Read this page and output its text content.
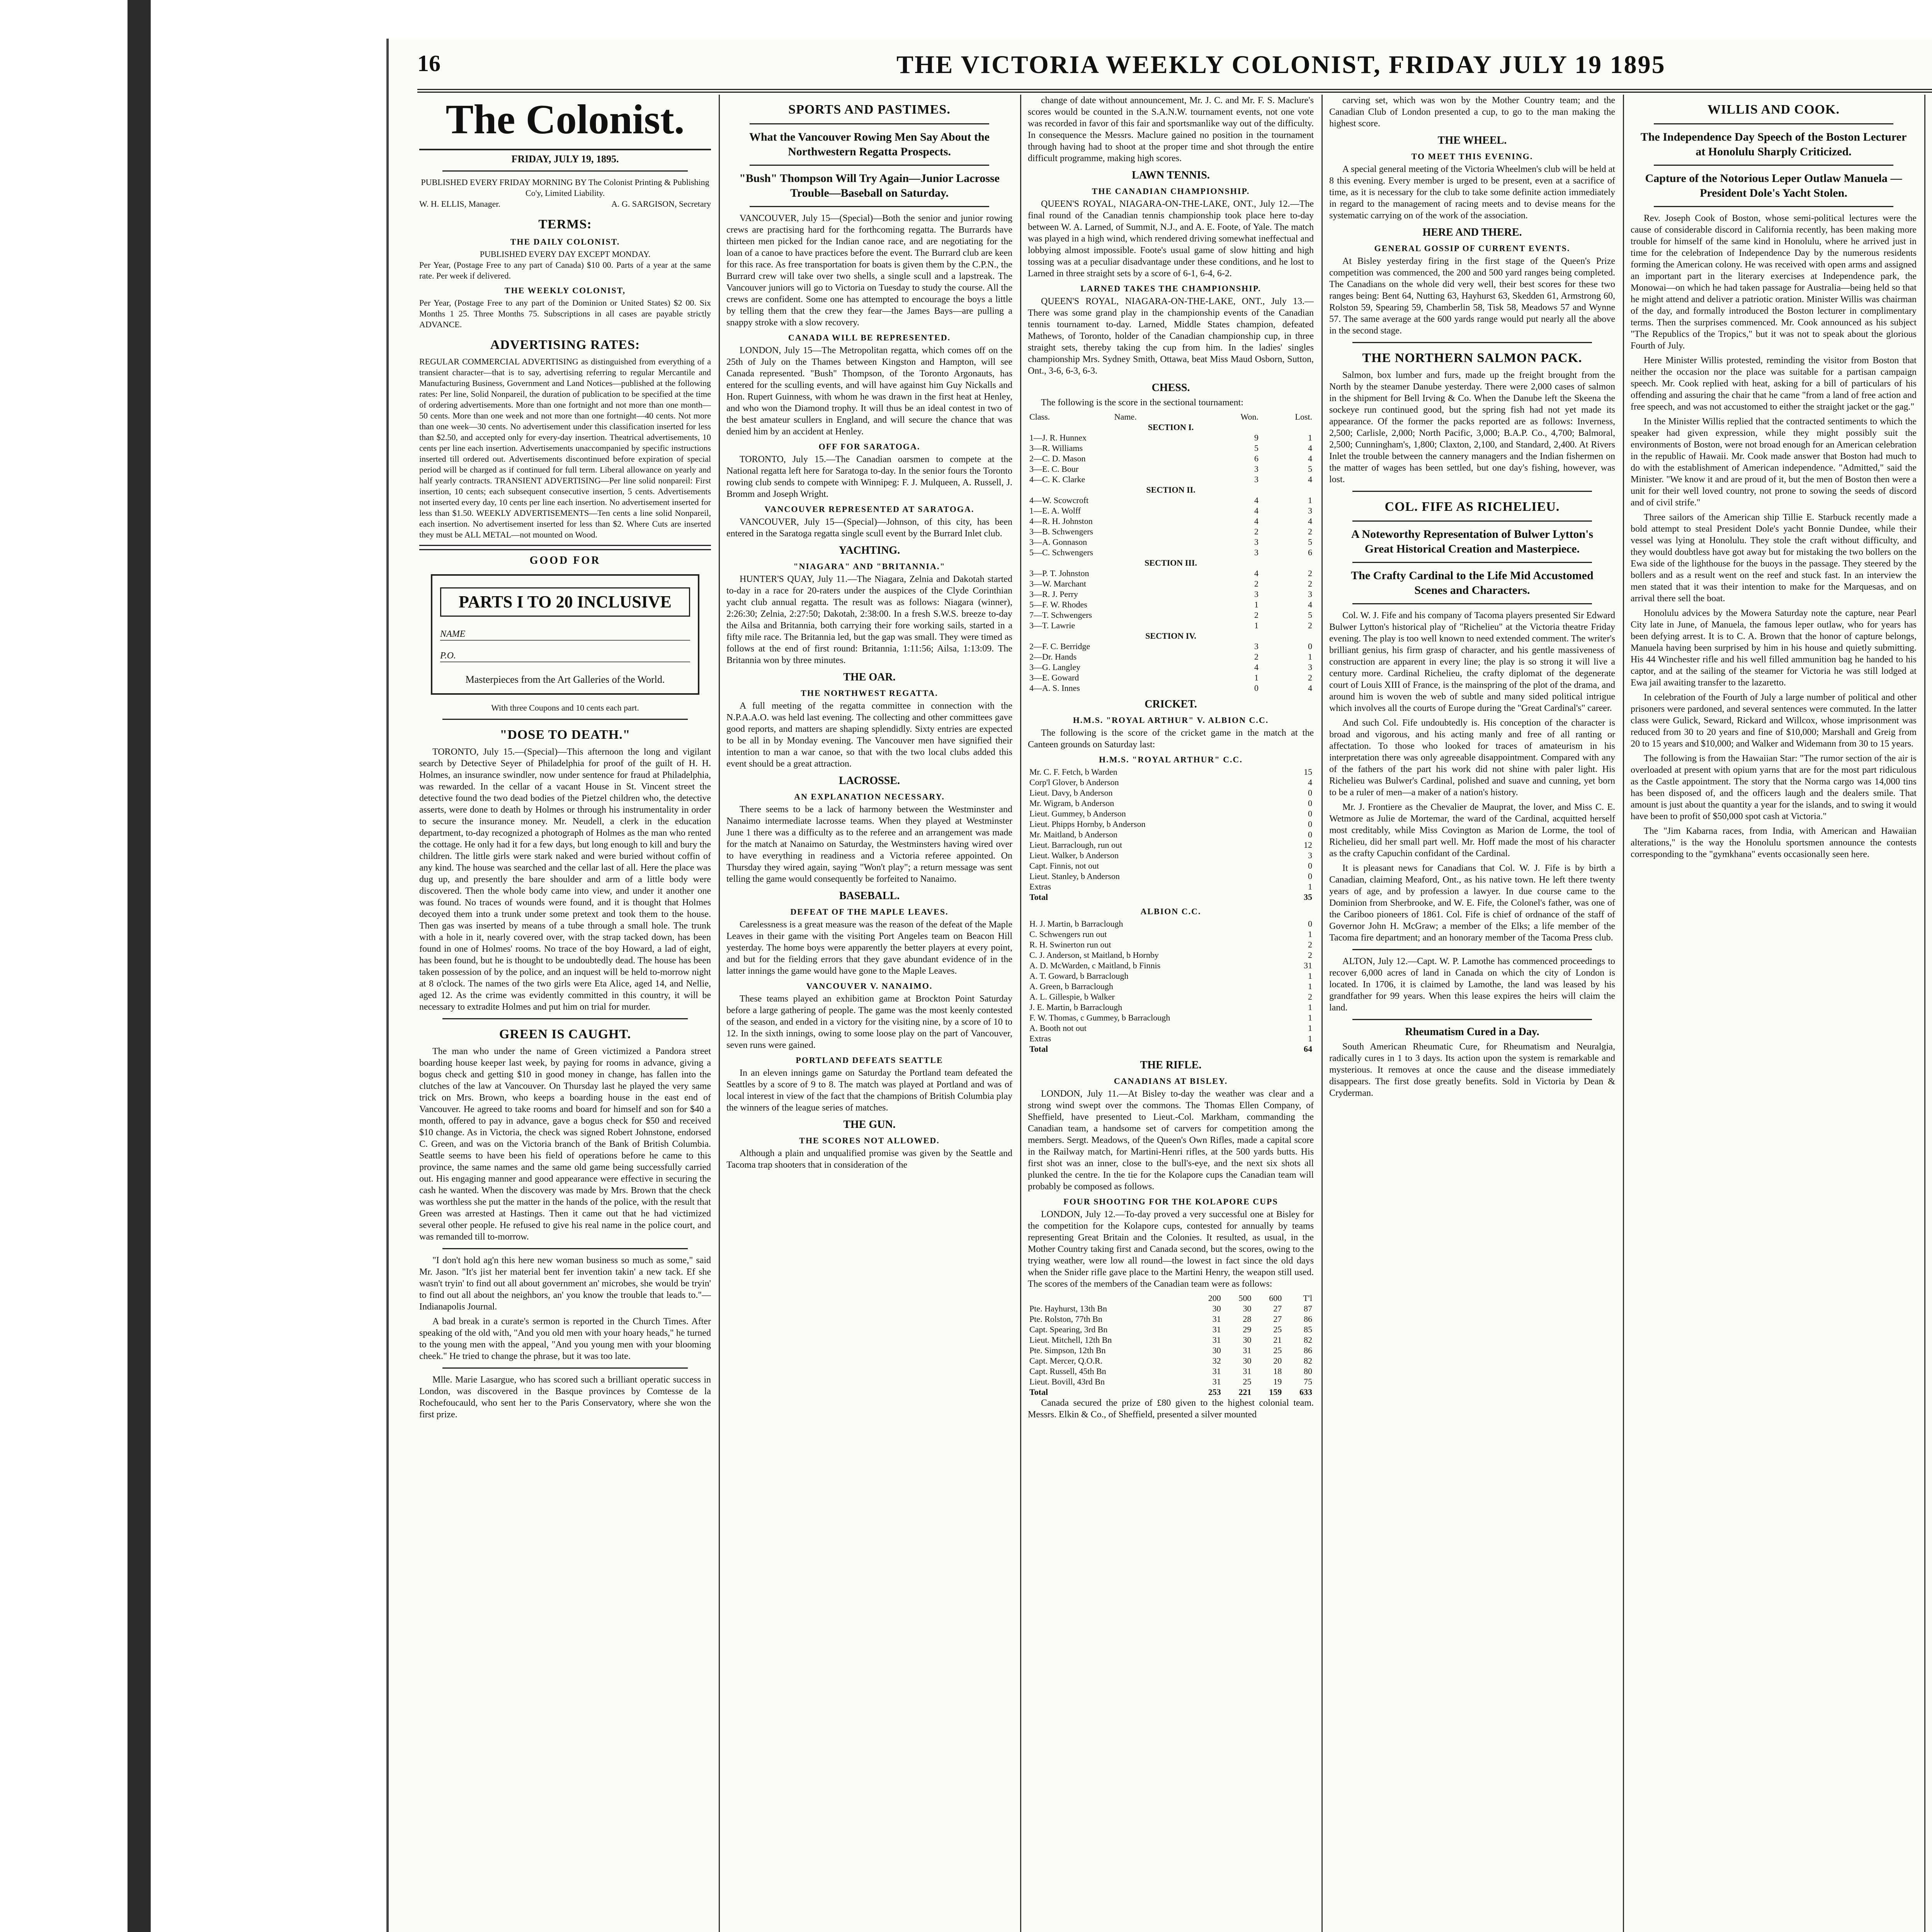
16	THE VICTORIA WEEKLY COLONIST, FRIDAY JULY 19 1895
The Colonist.
FRIDAY, JULY 19, 1895.
PUBLISHED EVERY FRIDAY MORNING BY The Colonist Printing & Publishing Co'y, Limited Liability.
W. H. ELLIS, Manager.	A. G. SARGISON, Secretary
TERMS:
THE DAILY COLONIST.
PUBLISHED EVERY DAY EXCEPT MONDAY.
Per Year, (Postage Free to any part of Canada) $10 00. Parts of a year at the same rate. Per week if delivered.
THE WEEKLY COLONIST,
Per Year, (Postage Free to any part of the Dominion or United States) $2 00. Six Months 1 25. Three Months 75. Subscriptions in all cases are payable strictly ADVANCE.
ADVERTISING RATES:
REGULAR COMMERCIAL ADVERTISING as distinguished from everything of a transient character—that is to say, advertising referring to regular Mercantile and Manufacturing Business, Government and Land Notices—published at the following rates: Per line, Solid Nonpareil, the duration of publication to be specified at the time of ordering advertisements. More than one fortnight and not more than one month—50 cents. More than one week and not more than one fortnight—40 cents. Not more than one week—30 cents. No advertisement under this classification inserted for less than $2.50, and accepted only for every-day insertion. Theatrical advertisements, 10 cents per line each insertion. Advertisements unaccompanied by specific instructions inserted till ordered out. Advertisements discontinued before expiration of special period will be charged as if continued for full term. Liberal allowance on yearly and half yearly contracts. TRANSIENT ADVERTISING—Per line solid nonpareil: First insertion, 10 cents; each subsequent consecutive insertion, 5 cents. Advertisements not inserted every day, 10 cents per line each insertion. No advertisement inserted for less than $1.50. WEEKLY ADVERTISEMENTS—Ten cents a line solid Nonpareil, each insertion. No advertisement inserted for less than $2. Where Cuts are inserted they must be ALL METAL—not mounted on Wood.
GOOD FOR
PARTS I TO 20 INCLUSIVE
NAME
P.O.
Masterpieces from the Art Galleries of the World.
With three Coupons and 10 cents each part.
"DOSE TO DEATH."

TORONTO, July 15.—(Special)—This afternoon the long and vigilant search by Detective Seyer of Philadelphia for proof of the guilt of H. H. Holmes, an insurance swindler, now under sentence for fraud at Philadelphia, was rewarded. In the cellar of a vacant House in St. Vincent street the detective found the two dead bodies of the Pietzel children who, the detective asserts, were done to death by Holmes or through his instrumentality in order to secure the insurance money. Mr. Neudell, a clerk in the education department, to-day recognized a photograph of Holmes as the man who rented the cottage. He only had it for a few days, but long enough to kill and bury the children. The little girls were stark naked and were buried without coffin of any kind. The house was searched and the cellar last of all. Here the place was dug up, and presently the bare shoulder and arm of a little body were discovered. Then the whole body came into view, and under it another one was found. No traces of wounds were found, and it is thought that Holmes decoyed them into a trunk under some pretext and took them to the house. Then gas was inserted by means of a tube through a small hole. The trunk with a hole in it, nearly covered over, with the strap tacked down, has been found in one of Holmes' rooms. No trace of the boy Howard, a lad of eight, has been found, but he is thought to be undoubtedly dead. The house has been taken possession of by the police, and an inquest will be held to-morrow night at 8 o'clock. The names of the two girls were Eta Alice, aged 14, and Nellie, aged 12. As the crime was evidently committed in this country, it will be necessary to extradite Holmes and put him on trial for murder.

GREEN IS CAUGHT.

The man who under the name of Green victimized a Pandora street boarding house keeper last week, by paying for rooms in advance, giving a bogus check and getting $10 in good money in change, has fallen into the clutches of the law at Vancouver. On Thursday last he played the very same trick on Mrs. Brown, who keeps a boarding house in the east end of Vancouver. He agreed to take rooms and board for himself and son for $40 a month, offered to pay in advance, gave a bogus check for $50 and received $10 change. As in Victoria, the check was signed Robert Johnstone, endorsed C. Green, and was on the Victoria branch of the Bank of British Columbia. Seattle seems to have been his field of operations before he came to this province, the same names and the same old game being successfully carried out. His engaging manner and good appearance were effective in securing the cash he wanted. When the discovery was made by Mrs. Brown that the check was worthless she put the matter in the hands of the police, with the result that Green was arrested at Hastings. Then it came out that he had victimized several other people. He refused to give his real name in the police court, and was remanded till to-morrow.

"I don't hold ag'n this here new woman business so much as some," said Mr. Jason. "It's jist her material bent fer invention takin' a new tack. Ef she wasn't tryin' to find out all about government an' microbes, she would be tryin' to find out all about the neighbors, an' you know the trouble that leads to."—Indianapolis Journal.

A bad break in a curate's sermon is reported in the Church Times. After speaking of the old with, "And you old men with your hoary heads," he turned to the young men with the appeal, "And you young men with your blooming cheek." He tried to change the phrase, but it was too late.

Mlle. Marie Lasargue, who has scored such a brilliant operatic success in London, was discovered in the Basque provinces by Comtesse de la Rochefoucauld, who sent her to the Paris Conservatory, where she won the first prize.

SPORTS AND PASTIMES.
What the Vancouver Rowing Men Say About the Northwestern Regatta Prospects.
"Bush" Thompson Will Try Again—Junior Lacrosse Trouble—Baseball on Saturday.

VANCOUVER, July 15—(Special)—Both the senior and junior rowing crews are practising hard for the forthcoming regatta. The Burrards have thirteen men picked for the Indian canoe race, and are negotiating for the loan of a canoe to have practices before the event. The Burrard club are keen for this race. As free transportation for boats is given them by the C.P.N., the Burrard crew will take over two shells, a single scull and a lapstreak. The Vancouver juniors will go to Victoria on Tuesday to study the course. All the crews are confident. Some one has attempted to encourage the boys a little by telling them that the crew they fear—the James Bays—are pulling a snappy stroke with a slow recovery.

CANADA WILL BE REPRESENTED.

LONDON, July 15—The Metropolitan regatta, which comes off on the 25th of July on the Thames between Kingston and Hampton, will see Canada represented. "Bush" Thompson, of the Toronto Argonauts, has entered for the sculling events, and will have against him Guy Nickalls and Hon. Rupert Guinness, with whom he was drawn in the first heat at Henley, and who won the Diamond trophy. It will thus be an ideal contest in two of the best amateur scullers in England, and will secure the chance that was denied him by an accident at Henley.

OFF FOR SARATOGA.

TORONTO, July 15.—The Canadian oarsmen to compete at the National regatta left here for Saratoga to-day. In the senior fours the Toronto rowing club sends to compete with Winnipeg: F. J. Mulqueen, A. Russell, J. Bromm and Joseph Wright.

VANCOUVER REPRESENTED AT SARATOGA.

VANCOUVER, July 15—(Special)—Johnson, of this city, has been entered in the Saratoga regatta single scull event by the Burrard Inlet club.

YACHTING.
"NIAGARA" AND "BRITANNIA."

HUNTER'S QUAY, July 11.—The Niagara, Zelnia and Dakotah started to-day in a race for 20-raters under the auspices of the Clyde Corinthian yacht club annual regatta. The result was as follows: Niagara (winner), 2:26:30; Zelnia, 2:27:50; Dakotah, 2:38:00. In a fresh S.W.S. breeze to-day the Ailsa and Britannia, both carrying their fore working sails, started in a fifty mile race. The Britannia led, but the gap was small. They were timed as follows at the end of first round: Britannia, 1:11:56; Ailsa, 1:13:09. The Britannia won by three minutes.

THE OAR.
THE NORTHWEST REGATTA.

A full meeting of the regatta committee in connection with the N.P.A.A.O. was held last evening. The collecting and other committees gave good reports, and matters are shaping splendidly. Sixty entries are expected to be all in by Monday evening. The Vancouver men have signified their intention to man a war canoe, so that with the two local clubs added this event should be a great attraction.

LACROSSE.
AN EXPLANATION NECESSARY.

There seems to be a lack of harmony between the Westminster and Nanaimo intermediate lacrosse teams. When they played at Westminster June 1 there was a difficulty as to the referee and an arrangement was made for the match at Nanaimo on Saturday, the Westminsters having wired over to have everything in readiness and a Victoria referee appointed. On Thursday they wired again, saying "Won't play"; a return message was sent telling the game would consequently be forfeited to Nanaimo.

BASEBALL.
DEFEAT OF THE MAPLE LEAVES.

Carelessness is a great measure was the reason of the defeat of the Maple Leaves in their game with the visiting Port Angeles team on Beacon Hill yesterday. The home boys were apparently the better players at every point, and but for the fielding errors that they gave abundant evidence of in the latter innings the game would have gone to the Maple Leaves.

VANCOUVER V. NANAIMO.

These teams played an exhibition game at Brockton Point Saturday before a large gathering of people. The game was the most keenly contested of the season, and ended in a victory for the visiting nine, by a score of 10 to 12. In the sixth innings, owing to some loose play on the part of Vancouver, seven runs were gained.

PORTLAND DEFEATS SEATTLE

In an eleven innings game on Saturday the Portland team defeated the Seattles by a score of 9 to 8. The match was played at Portland and was of local interest in view of the fact that the champions of British Columbia play the winners of the league series of matches.

THE GUN.
THE SCORES NOT ALLOWED.

Although a plain and unqualified promise was given by the Seattle and Tacoma trap shooters that in consideration of the

change of date without announcement, Mr. J. C. and Mr. F. S. Maclure's scores would be counted in the S.A.N.W. tournament events, not one vote was recorded in favor of this fair and sportsmanlike way out of the difficulty. In consequence the Messrs. Maclure gained no position in the tournament through having had to shoot at the proper time and shot through the entire difficult programme, making high scores.

LAWN TENNIS.
THE CANADIAN CHAMPIONSHIP.

QUEEN'S ROYAL, NIAGARA-ON-THE-LAKE, ONT., July 12.—The final round of the Canadian tennis championship took place here to-day between W. A. Larned, of Summit, N.J., and A. E. Foote, of Yale. The match was played in a high wind, which rendered driving somewhat ineffectual and lobbying almost impossible. Foote's usual game of slow hitting and high tossing was at a peculiar disadvantage under these conditions, and he lost to Larned in three straight sets by a score of 6-1, 6-4, 6-2.

LARNED TAKES THE CHAMPIONSHIP.

QUEEN'S ROYAL, NIAGARA-ON-THE-LAKE, ONT., July 13.—There was some grand play in the championship events of the Canadian tennis tournament to-day. Larned, Middle States champion, defeated Mathews, of Toronto, holder of the Canadian championship cup, in three straight sets, thereby taking the cup from him. In the ladies' singles championship Mrs. Sydney Smith, Ottawa, beat Miss Maud Osborn, Sutton, Ont., 3-6, 6-3, 6-3.

CHESS.

The following is the score in the sectional tournament:

Class.	Name.	Won.	Lost.
SECTION I.			
1—J. R. Hunnex		9	1
3—R. Williams		5	4
2—C. D. Mason		6	4
3—E. C. Bour		3	5
4—C. K. Clarke		3	4
SECTION II.			
4—W. Scowcroft		4	1
1—E. A. Wolff		4	3
4—R. H. Johnston		4	4
3—B. Schwengers		2	2
3—A. Gonnason		3	5
5—C. Schwengers		3	6
SECTION III.			
3—P. T. Johnston		4	2
3—W. Marchant		2	2
3—R. J. Perry		3	3
5—F. W. Rhodes		1	4
7—T. Schwengers		2	5
3—T. Lawrie		1	2
SECTION IV.			
2—F. C. Berridge		3	0
2—Dr. Hands		2	1
3—G. Langley		4	3
3—E. Goward		1	2
4—A. S. Innes		0	4
CRICKET.
H.M.S. "ROYAL ARTHUR" V. ALBION C.C.

The following is the score of the cricket game in the match at the Canteen grounds on Saturday last:

H.M.S. "ROYAL ARTHUR" C.C.
Mr. C. F. Fetch, b Warden	15
Corp'l Glover, b Anderson	4
Lieut. Davy, b Anderson	0
Mr. Wigram, b Anderson	0
Lieut. Gummey, b Anderson	0
Lieut. Phipps Hornby, b Anderson	0
Mr. Maitland, b Anderson	0
Lieut. Barraclough, run out	12
Lieut. Walker, b Anderson	3
Capt. Finnis, not out	0
Lieut. Stanley, b Anderson	0
Extras	1
Total	35
ALBION C.C.
H. J. Martin, b Barraclough	0
C. Schwengers run out	1
R. H. Swinerton run out	2
C. J. Anderson, st Maitland, b Hornby	2
A. D. McWarden, c Maitland, b Finnis	31
A. T. Goward, b Barraclough	1
A. Green, b Barraclough	1
A. L. Gillespie, b Walker	2
J. E. Martin, b Barraclough	1
F. W. Thomas, c Gummey, b Barraclough	1
A. Booth not out	1
Extras	1
Total	64
THE RIFLE.
CANADIANS AT BISLEY.

LONDON, July 11.—At Bisley to-day the weather was clear and a strong wind swept over the commons. The Thomas Ellen Company, of Sheffield, have presented to Lieut.-Col. Markham, commanding the Canadian team, a handsome set of carvers for competition among the members. Sergt. Meadows, of the Queen's Own Rifles, made a capital score in the Railway match, for Martini-Henri rifles, at the 500 yards butts. His first shot was an inner, close to the bull's-eye, and the next six shots all plunked the centre. In the tie for the Kolapore cups the Canadian team will probably be composed as follows.

FOUR SHOOTING FOR THE KOLAPORE CUPS

LONDON, July 12.—To-day proved a very successful one at Bisley for the competition for the Kolapore cups, contested for annually by teams representing Great Britain and the Colonies. It resulted, as usual, in the Mother Country taking first and Canada second, but the scores, owing to the trying weather, were low all round—the lowest in fact since the old days when the Snider rifle gave place to the Martini Henry, the weapon still used. The scores of the members of the Canadian team were as follows:

	200	500	600	T'l
Pte. Hayhurst, 13th Bn	30	30	27	87
Pte. Rolston, 77th Bn	31	28	27	86
Capt. Spearing, 3rd Bn	31	29	25	85
Lieut. Mitchell, 12th Bn	31	30	21	82
Pte. Simpson, 12th Bn	30	31	25	86
Capt. Mercer, Q.O.R.	32	30	20	82
Capt. Russell, 45th Bn	31	31	18	80
Lieut. Bovill, 43rd Bn	31	25	19	75
Total	253	221	159	633

Canada secured the prize of £80 given to the highest colonial team. Messrs. Elkin & Co., of Sheffield, presented a silver mounted

carving set, which was won by the Mother Country team; and the Canadian Club of London presented a cup, to go to the man making the highest score.

THE WHEEL.
TO MEET THIS EVENING.

A special general meeting of the Victoria Wheelmen's club will be held at 8 this evening. Every member is urged to be present, even at a sacrifice of time, as it is necessary for the club to take some definite action immediately in regard to the management of racing meets and to devise means for the systematic carrying on of the work of the association.

HERE AND THERE.
GENERAL GOSSIP OF CURRENT EVENTS.

At Bisley yesterday firing in the first stage of the Queen's Prize competition was commenced, the 200 and 500 yard ranges being completed. The Canadians on the whole did very well, their best scores for these two ranges being: Bent 64, Nutting 63, Hayhurst 63, Skedden 61, Armstrong 60, Rolston 59, Spearing 59, Chamberlin 58, Tisk 58, Meadows 57 and Wynne 57. The same average at the 600 yards range would put nearly all the above in the second stage.

THE NORTHERN SALMON PACK.

Salmon, box lumber and furs, made up the freight brought from the North by the steamer Danube yesterday. There were 2,000 cases of salmon in the shipment for Bell Irving & Co. When the Danube left the Skeena the sockeye run continued good, but the spring fish had not yet made its appearance. Of the former the packs reported are as follows: Inverness, 2,500; Carlisle, 2,000; North Pacific, 3,000; B.A.P. Co., 4,700; Balmoral, 2,500; Cunningham's, 1,800; Claxton, 2,100, and Standard, 2,400. At Rivers Inlet the trouble between the cannery managers and the Indian fishermen on the matter of wages has been settled, but one day's fishing, however, was lost.

COL. FIFE AS RICHELIEU.
A Noteworthy Representation of Bulwer Lytton's Great Historical Creation and Masterpiece.
The Crafty Cardinal to the Life Mid Accustomed Scenes and Characters.

Col. W. J. Fife and his company of Tacoma players presented Sir Edward Bulwer Lytton's historical play of "Richelieu" at the Victoria theatre Friday evening. The play is too well known to need extended comment. The writer's brilliant genius, his firm grasp of character, and his gentle massiveness of construction are apparent in every line; the play is so strong it will live a century more. Cardinal Richelieu, the crafty diplomat of the degenerate court of Louis XIII of France, is the mainspring of the plot of the drama, and around him is woven the web of subtle and many sided political intrigue which involves all the courts of Europe during the "Great Cardinal's" career.

And such Col. Fife undoubtedly is. His conception of the character is broad and vigorous, and his acting manly and free of all ranting or affectation. To those who looked for traces of amateurism in his interpretation there was only agreeable disappointment. Compared with any of the fathers of the part his work did not shine with paler light. His Richelieu was Bulwer's Cardinal, polished and suave and cunning, yet born to be a ruler of men—a maker of a nation's history.

Mr. J. Frontiere as the Chevalier de Mauprat, the lover, and Miss C. E. Wetmore as Julie de Mortemar, the ward of the Cardinal, acquitted herself most creditably, while Miss Covington as Marion de Lorme, the tool of Richelieu, did her small part well. Mr. Hoff made the most of his character as the crafty Capuchin confidant of the Cardinal.

It is pleasant news for Canadians that Col. W. J. Fife is by birth a Canadian, claiming Meaford, Ont., as his native town. He left there twenty years of age, and by profession a lawyer. In due course came to the Dominion from Sherbrooke, and W. E. Fife, the Colonel's father, was one of the Cariboo pioneers of 1861. Col. Fife is chief of ordnance of the staff of Governor John H. McGraw; a member of the Elks; a life member of the Tacoma fire department; and an honorary member of the Tacoma Press club.

ALTON, July 12.—Capt. W. P. Lamothe has commenced proceedings to recover 6,000 acres of land in Canada on which the city of London is located. In 1706, it is claimed by Lamothe, the land was leased by his grandfather for 99 years. When this lease expires the heirs will claim the land.

Rheumatism Cured in a Day.

South American Rheumatic Cure, for Rheumatism and Neuralgia, radically cures in 1 to 3 days. Its action upon the system is remarkable and mysterious. It removes at once the cause and the disease immediately disappears. The first dose greatly benefits. Sold in Victoria by Dean & Cryderman.

WILLIS AND COOK.
The Independence Day Speech of the Boston Lecturer at Honolulu Sharply Criticized.
Capture of the Notorious Leper Outlaw Manuela — President Dole's Yacht Stolen.

Rev. Joseph Cook of Boston, whose semi-political lectures were the cause of considerable discord in California recently, has been making more trouble for himself of the same kind in Honolulu, where he arrived just in time for the celebration of Independence Day by the numerous residents forming the American colony. He was received with open arms and assigned an important part in the literary exercises at Independence park, the Monowai—on which he had taken passage for Australia—being held so that he might attend and deliver a patriotic oration. Minister Willis was chairman of the day, and formally introduced the Boston lecturer in complimentary terms. Then the surprises commenced. Mr. Cook announced as his subject "The Republics of the Tropics," but it was not to speak about the glorious Fourth of July.

Here Minister Willis protested, reminding the visitor from Boston that neither the occasion nor the place was suitable for a partisan campaign speech. Mr. Cook replied with heat, asking for a bill of particulars of his offending and assuring the chair that he came "from a land of free action and free speech, and was not accustomed to either the straight jacket or the gag."

In the Minister Willis replied that the contracted sentiments to which the speaker had given expression, while they might possibly suit the environments of Boston, were not broad enough for an American celebration in the republic of Hawaii. Mr. Cook made answer that Boston had much to do with the establishment of American independence. "Admitted," said the Minister. "We know it and are proud of it, but the men of Boston then were a unit for their well loved country, not prone to sowing the seeds of discord and of civil strife."

Three sailors of the American ship Tillie E. Starbuck recently made a bold attempt to steal President Dole's yacht Bonnie Dundee, while their vessel was lying at Honolulu. They stole the craft without difficulty, and they would doubtless have got away but for mistaking the two bollers on the Ewa side of the lighthouse for the buoys in the passage. They steered by the bollers and as a result went on the reef and stuck fast. In an interview the men stated that it was their intention to make for the Marquesas, and on arrival there sell the boat.

Honolulu advices by the Mowera Saturday note the capture, near Pearl City late in June, of Manuela, the famous leper outlaw, who for years has been defying arrest. It is to C. A. Brown that the honor of capture belongs, Manuela having been surprised by him in his house and quietly submitting. His 44 Winchester rifle and his well filled ammunition bag he handed to his captor, and at the sailing of the steamer for Victoria he was still lodged at Ewa jail awaiting transfer to the lazaretto.

In celebration of the Fourth of July a large number of political and other prisoners were pardoned, and several sentences were commuted. In the latter class were Gulick, Seward, Rickard and Willcox, whose imprisonment was reduced from 30 to 20 years and fine of $10,000; Marshall and Greig from 20 to 15 years and $10,000; and Walker and Widemann from 30 to 15 years.

The following is from the Hawaiian Star: "The rumor section of the air is overloaded at present with opium yarns that are for the most part ridiculous as the Castle appointment. The story that the Norma cargo was 14,000 tins has been disposed of, and the officers laugh and the dealers smile. That amount is just about the quantity a year for the islands, and to swing it would have been to profit of $50,000 spot cash at Victoria."

The "Jim Kabarna races, from India, with American and Hawaiian alterations," is the way the Honolulu sportsmen announce the contests corresponding to the "gymkhana" events occasionally seen here.
